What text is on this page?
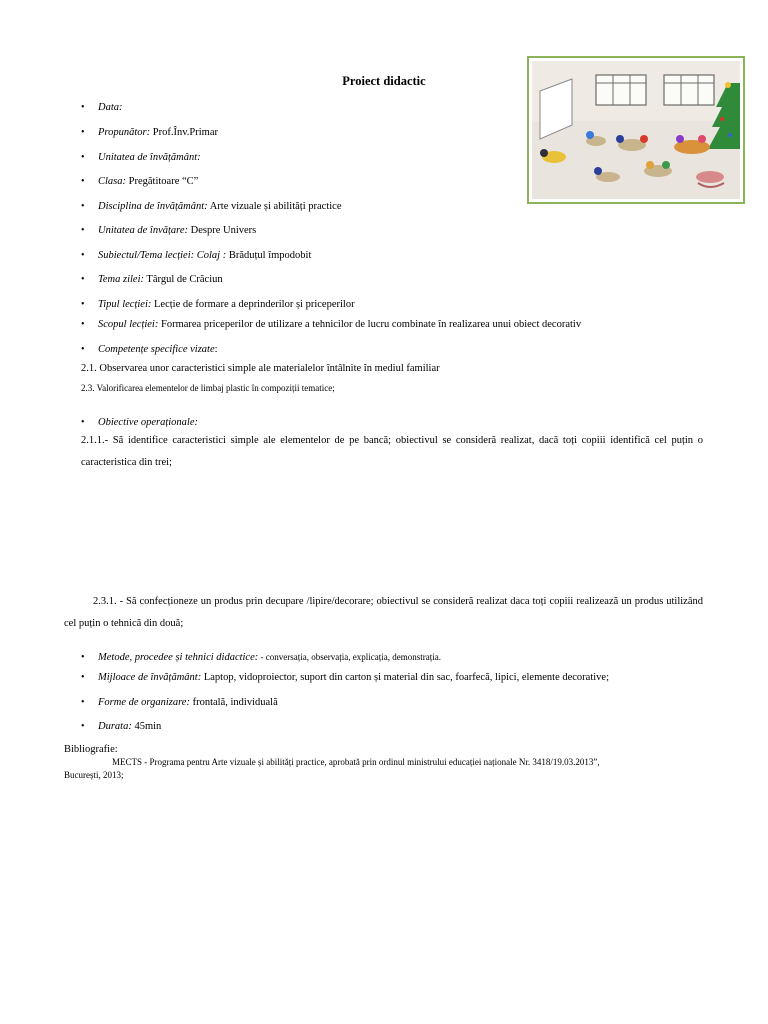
Proiect didactic
• Data:
• Propunător: Prof.Înv.Primar
• Unitatea de învățământ:
• Clasa: Pregătitoare “C”
• Disciplina de învățământ: Arte vizuale și abilități practice
• Unitatea de învățare: Despre Univers
• Subiectul/Tema lecției: Colaj : Brăduțul împodobit
• Tema zilei: Târgul de Crăciun
• Tipul lecției: Lecție de formare a deprinderilor și priceperilor
• Scopul lecției: Formarea priceperilor de utilizare a tehnicilor de lucru combinate în realizarea unui obiect decorativ
• Competențe specifice vizate:
2.1. Observarea unor caracteristici simple ale materialelor întâlnite în mediul familiar
2.3. Valorificarea elementelor de limbaj plastic în compoziții tematice;
• Obiective operaționale:
2.1.1.- Să identifice caracteristici simple ale elementelor de pe bancă; obiectivul se consideră realizat, dacă toți copiii identifică cel puțin o caracteristica din trei;
2.3.1. - Să confecționeze un produs prin decupare /lipire/decorare; obiectivul se consideră realizat daca toți copiii realizează un produs utilizând cel puțin o tehnică din două;
• Metode, procedee și tehnici didactice: - conversația, observația, explicația, demonstrația.
• Mijloace de învățământ: Laptop, vidoproiector, suport din carton și material din sac, foarfecă, lipici, elemente decorative;
• Forme de organizare: frontală, individuală
• Durata: 45min
Bibliografie:
MECTS - Programa pentru Arte vizuale și abilități practice, aprobată prin ordinul ministrului educației naționale Nr. 3418/19.03.2013”,
București, 2013;
